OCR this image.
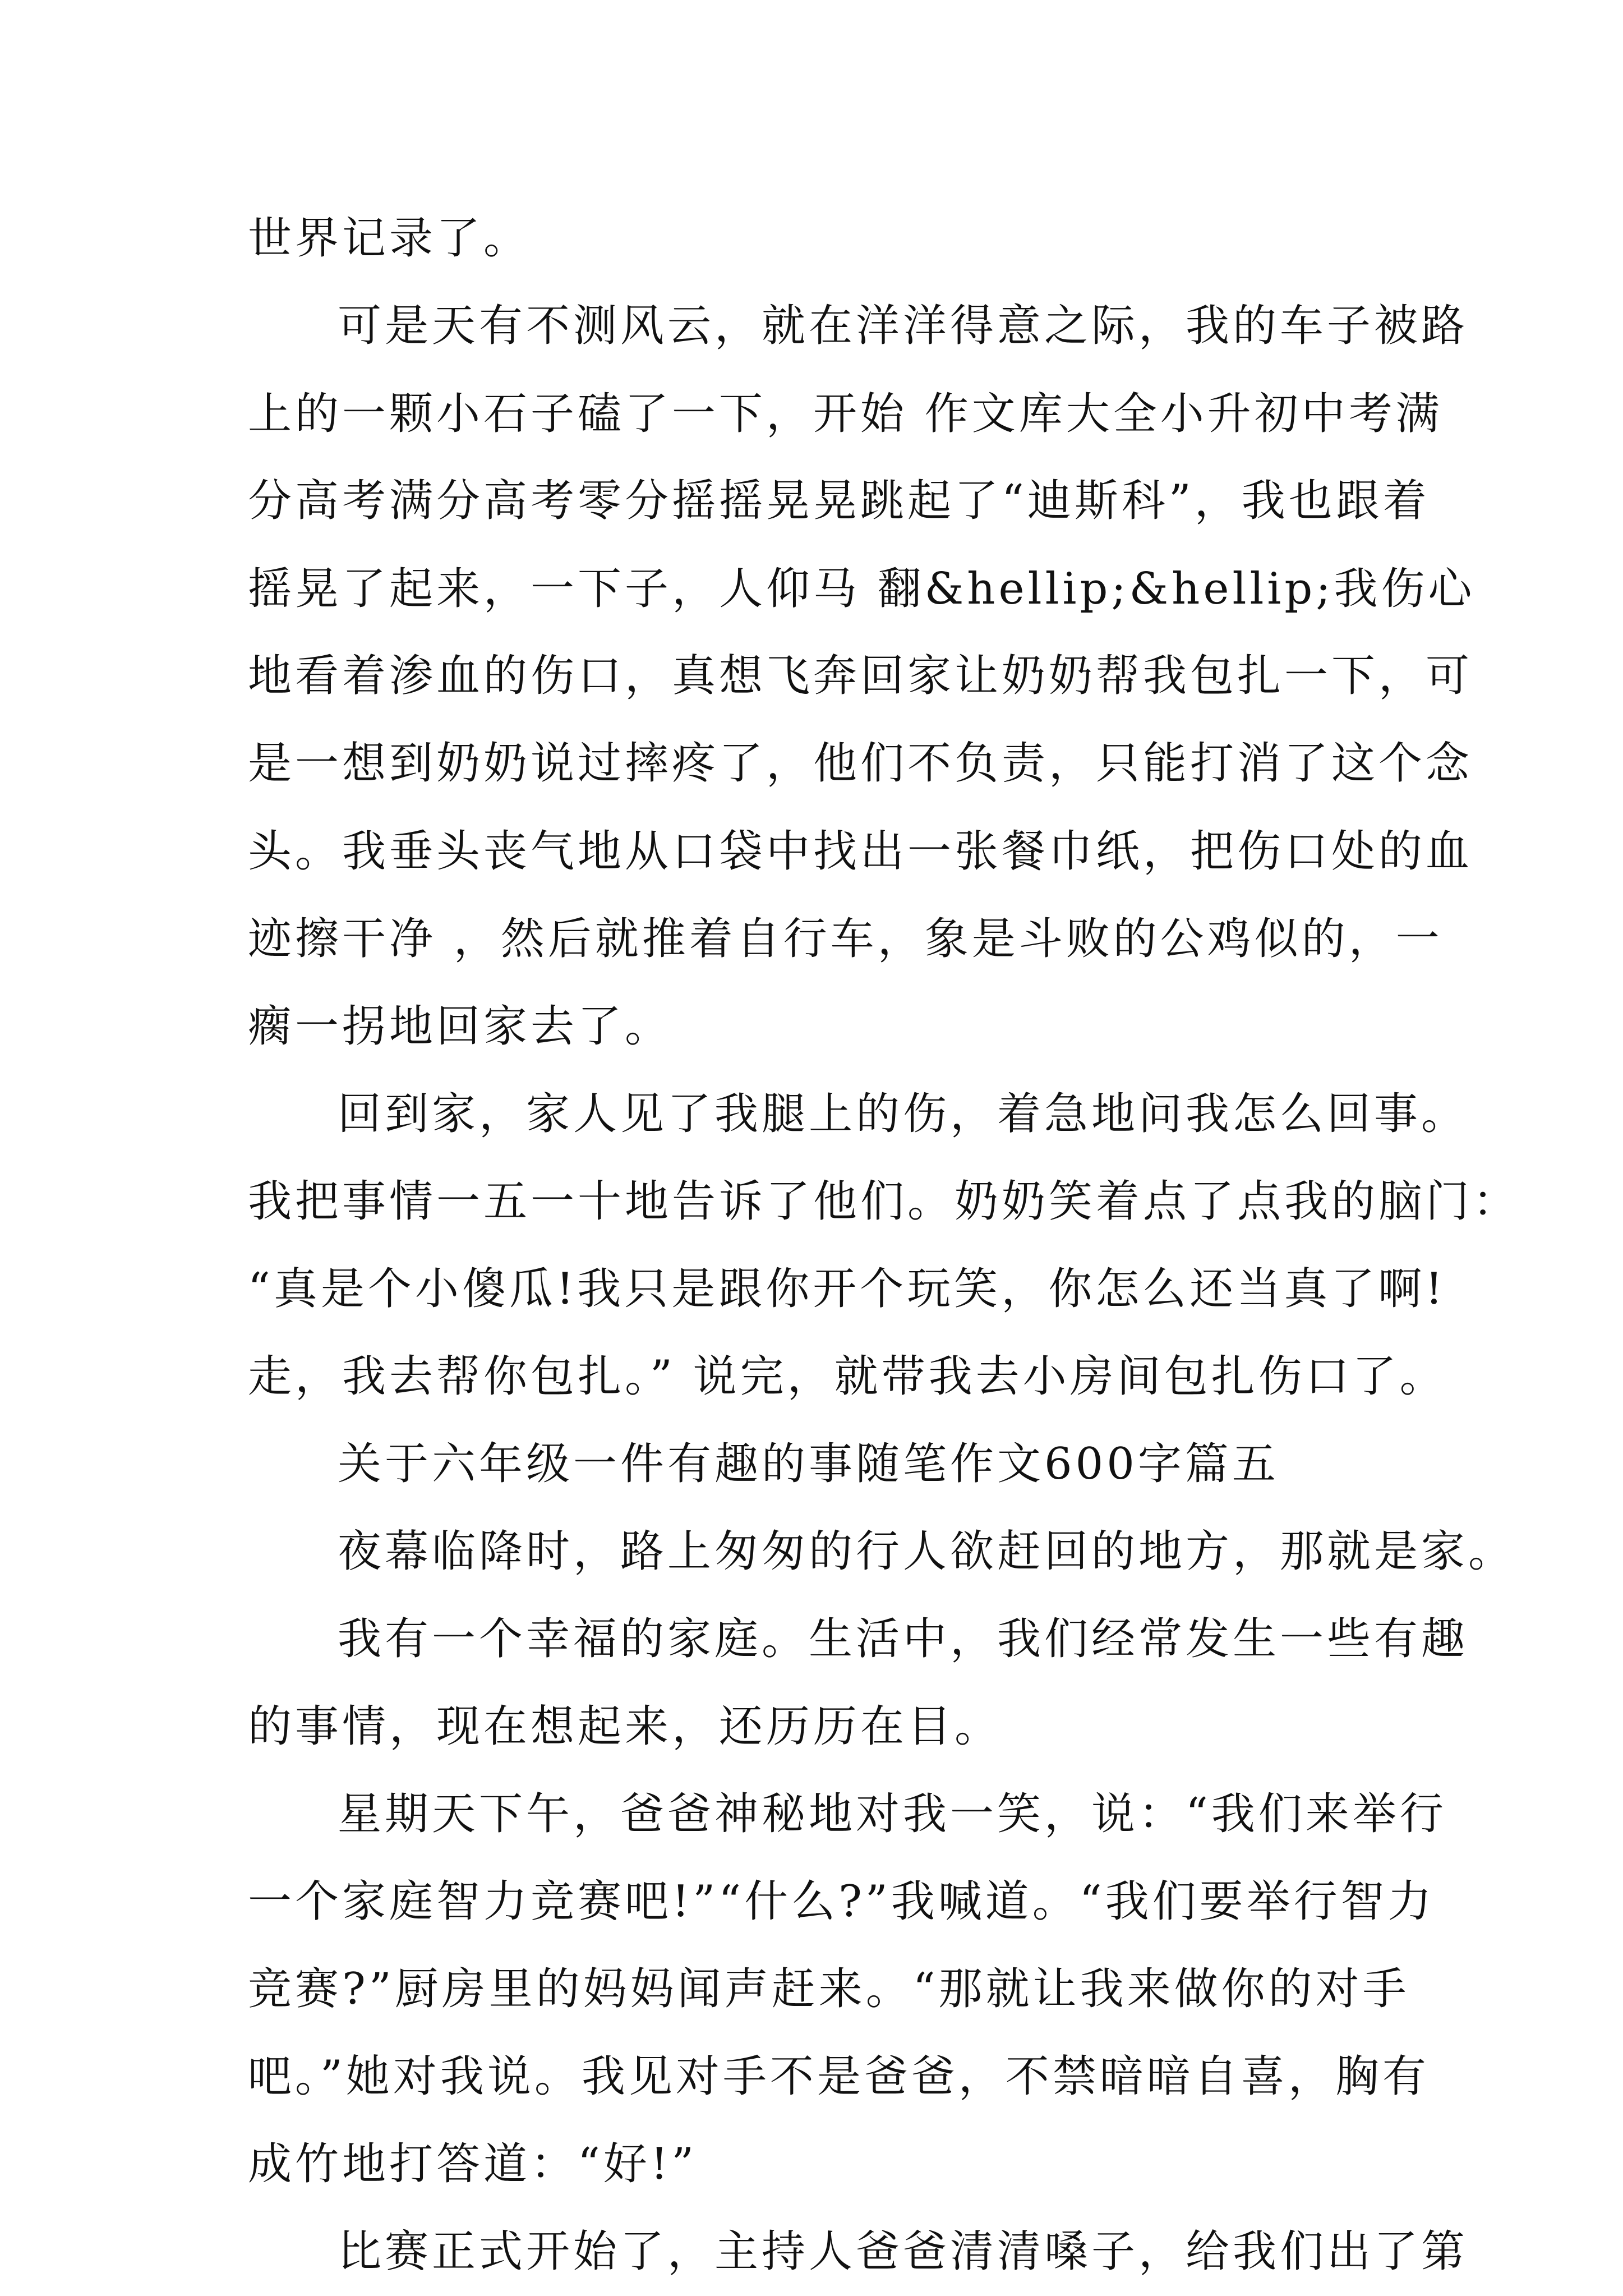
世界记录了。
可是天有不测风云，就在洋洋得意之际，我的车子被路
上的一颗小石子磕了一下，开始 作文库大全小升初中考满
分高考满分高考零分摇摇晃晃跳起了“迪斯科”，我也跟着
摇晃了起来，一下子，人仰马 翻&hellip;&hellip;我伤心
地看着渗血的伤口，真想飞奔回家让奶奶帮我包扎一下，可
是一想到奶奶说过摔疼了，他们不负责，只能打消了这个念
头。我垂头丧气地从口袋中找出一张餐巾纸，把伤口处的血
迹擦干净 ，然后就推着自行车，象是斗败的公鸡似的，一
瘸一拐地回家去了。
回到家，家人见了我腿上的伤，着急地问我怎么回事。
我把事情一五一十地告诉了他们。奶奶笑着点了点我的脑门：
“真是个小傻瓜!我只是跟你开个玩笑，你怎么还当真了啊!
走，我去帮你包扎。” 说完，就带我去小房间包扎伤口了。
关于六年级一件有趣的事随笔作文600字篇五
夜幕临降时，路上匆匆的行人欲赶回的地方，那就是家。
我有一个幸福的家庭。生活中，我们经常发生一些有趣
的事情，现在想起来，还历历在目。
星期天下午，爸爸神秘地对我一笑，说：“我们来举行
一个家庭智力竞赛吧!”“什么?”我喊道。“我们要举行智力
竞赛?”厨房里的妈妈闻声赶来。“那就让我来做你的对手
吧。”她对我说。我见对手不是爸爸，不禁暗暗自喜，胸有
成竹地打答道：“好!”
比赛正式开始了，主持人爸爸清清嗓子，给我们出了第
